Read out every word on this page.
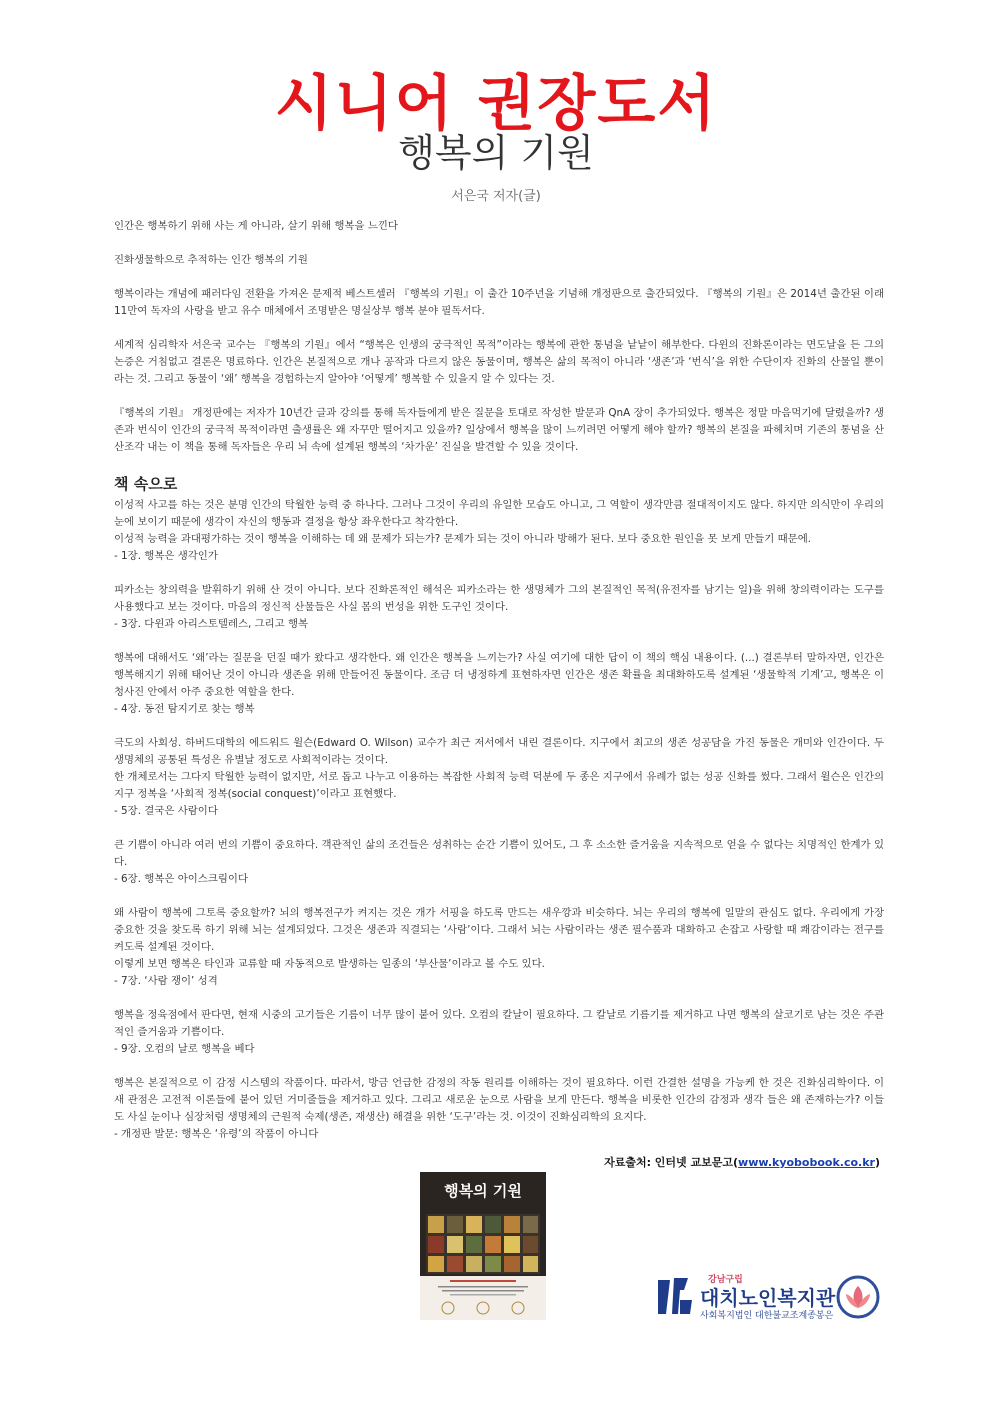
시니어 권장도서
행복의 기원
서은국 저자(글)

인간은 행복하기 위해 사는 게 아니라, 살기 위해 행복을 느낀다

진화생물학으로 추적하는 인간 행복의 기원

행복이라는 개념에 패러다임 전환을 가져온 문제적 베스트셀러 『행복의 기원』이 출간 10주년을 기념해 개정판으로 출간되었다. 『행복의 기원』은 2014년 출간된 이래 11만여 독자의 사랑을 받고 유수 매체에서 조명받은 명실상부 행복 분야 필독서다.

세계적 심리학자 서은국 교수는 『행복의 기원』에서 “행복은 인생의 궁극적인 목적”이라는 행복에 관한 통념을 낱낱이 해부한다. 다윈의 진화론이라는 면도날을 든 그의 논증은 거침없고 결론은 명료하다. 인간은 본질적으로 개나 공작과 다르지 않은 동물이며, 행복은 삶의 목적이 아니라 ‘생존’과 ‘번식’을 위한 수단이자 진화의 산물일 뿐이라는 것. 그리고 동물이 ‘왜’ 행복을 경험하는지 알아야 ‘어떻게’ 행복할 수 있을지 알 수 있다는 것.

『행복의 기원』 개정판에는 저자가 10년간 글과 강의를 통해 독자들에게 받은 질문을 토대로 작성한 발문과 QnA 장이 추가되었다. 행복은 정말 마음먹기에 달렸을까? 생존과 번식이 인간의 궁극적 목적이라면 출생률은 왜 자꾸만 떨어지고 있을까? 일상에서 행복을 많이 느끼려면 어떻게 해야 할까? 행복의 본질을 파헤치며 기존의 통념을 산산조각 내는 이 책을 통해 독자들은 우리 뇌 속에 설계된 행복의 ‘차가운’ 진실을 발견할 수 있을 것이다.

책 속으로

이성적 사고를 하는 것은 분명 인간의 탁월한 능력 중 하나다. 그러나 그것이 우리의 유일한 모습도 아니고, 그 역할이 생각만큼 절대적이지도 않다. 하지만 의식만이 우리의 눈에 보이기 때문에 생각이 자신의 행동과 결정을 항상 좌우한다고 착각한다.

이성적 능력을 과대평가하는 것이 행복을 이해하는 데 왜 문제가 되는가? 문제가 되는 것이 아니라 방해가 된다. 보다 중요한 원인을 못 보게 만들기 때문에.

- 1장. 행복은 생각인가

피카소는 창의력을 발휘하기 위해 산 것이 아니다. 보다 진화론적인 해석은 피카소라는 한 생명체가 그의 본질적인 목적(유전자를 남기는 일)을 위해 창의력이라는 도구를 사용했다고 보는 것이다. 마음의 정신적 산물들은 사실 몸의 번성을 위한 도구인 것이다.

- 3장. 다윈과 아리스토텔레스, 그리고 행복

행복에 대해서도 ‘왜’라는 질문을 던질 때가 왔다고 생각한다. 왜 인간은 행복을 느끼는가? 사실 여기에 대한 답이 이 책의 핵심 내용이다. (...) 결론부터 말하자면, 인간은 행복해지기 위해 태어난 것이 아니라 생존을 위해 만들어진 동물이다. 조금 더 냉정하게 표현하자면 인간은 생존 확률을 최대화하도록 설계된 ‘생물학적 기계’고, 행복은 이 청사진 안에서 아주 중요한 역할을 한다.

- 4장. 동전 탐지기로 찾는 행복

극도의 사회성. 하버드대학의 에드워드 윌슨(Edward O. Wilson) 교수가 최근 저서에서 내린 결론이다. 지구에서 최고의 생존 성공담을 가진 동물은 개미와 인간이다. 두 생명체의 공통된 특성은 유별날 정도로 사회적이라는 것이다.

한 개체로서는 그다지 탁월한 능력이 없지만, 서로 돕고 나누고 이용하는 복잡한 사회적 능력 덕분에 두 종은 지구에서 유례가 없는 성공 신화를 썼다. 그래서 윌슨은 인간의 지구 정복을 ‘사회적 정복(social conquest)’이라고 표현했다.

- 5장. 결국은 사람이다

큰 기쁨이 아니라 여러 번의 기쁨이 중요하다. 객관적인 삶의 조건들은 성취하는 순간 기쁨이 있어도, 그 후 소소한 즐거움을 지속적으로 얻을 수 없다는 치명적인 한계가 있다.

- 6장. 행복은 아이스크림이다

왜 사람이 행복에 그토록 중요할까? 뇌의 행복전구가 켜지는 것은 개가 서핑을 하도록 만드는 새우깡과 비슷하다. 뇌는 우리의 행복에 일말의 관심도 없다. 우리에게 가장 중요한 것을 찾도록 하기 위해 뇌는 설계되었다. 그것은 생존과 직결되는 ‘사람’이다. 그래서 뇌는 사람이라는 생존 필수품과 대화하고 손잡고 사랑할 때 쾌감이라는 전구를 켜도록 설계된 것이다.

이렇게 보면 행복은 타인과 교류할 때 자동적으로 발생하는 일종의 ‘부산물’이라고 볼 수도 있다.

- 7장. ‘사람 쟁이’ 성격

행복을 정육점에서 판다면, 현재 시중의 고기들은 기름이 너무 많이 붙어 있다. 오컴의 칼날이 필요하다. 그 칼날로 기름기를 제거하고 나면 행복의 살코기로 남는 것은 주관적인 즐거움과 기쁨이다.

- 9장. 오컴의 날로 행복을 베다

행복은 본질적으로 이 감정 시스템의 작품이다. 따라서, 방금 언급한 감정의 작동 원리를 이해하는 것이 필요하다. 이런 간결한 설명을 가능케 한 것은 진화심리학이다. 이 새 관점은 고전적 이론들에 붙어 있던 거미줄들을 제거하고 있다. 그리고 새로운 눈으로 사람을 보게 만든다. 행복을 비롯한 인간의 감정과 생각 들은 왜 존재하는가? 이들도 사실 눈이나 심장처럼 생명체의 근원적 숙제(생존, 재생산) 해결을 위한 ‘도구’라는 것. 이것이 진화심리학의 요지다.

- 개정판 발문: 행복은 ‘유령’의 작품이 아니다

자료출처: 인터넷 교보문고(www.kyobobook.co.kr)
행복의 기원
강남구립
대치노인복지관
사회복지법인 대한불교조계종봉은
